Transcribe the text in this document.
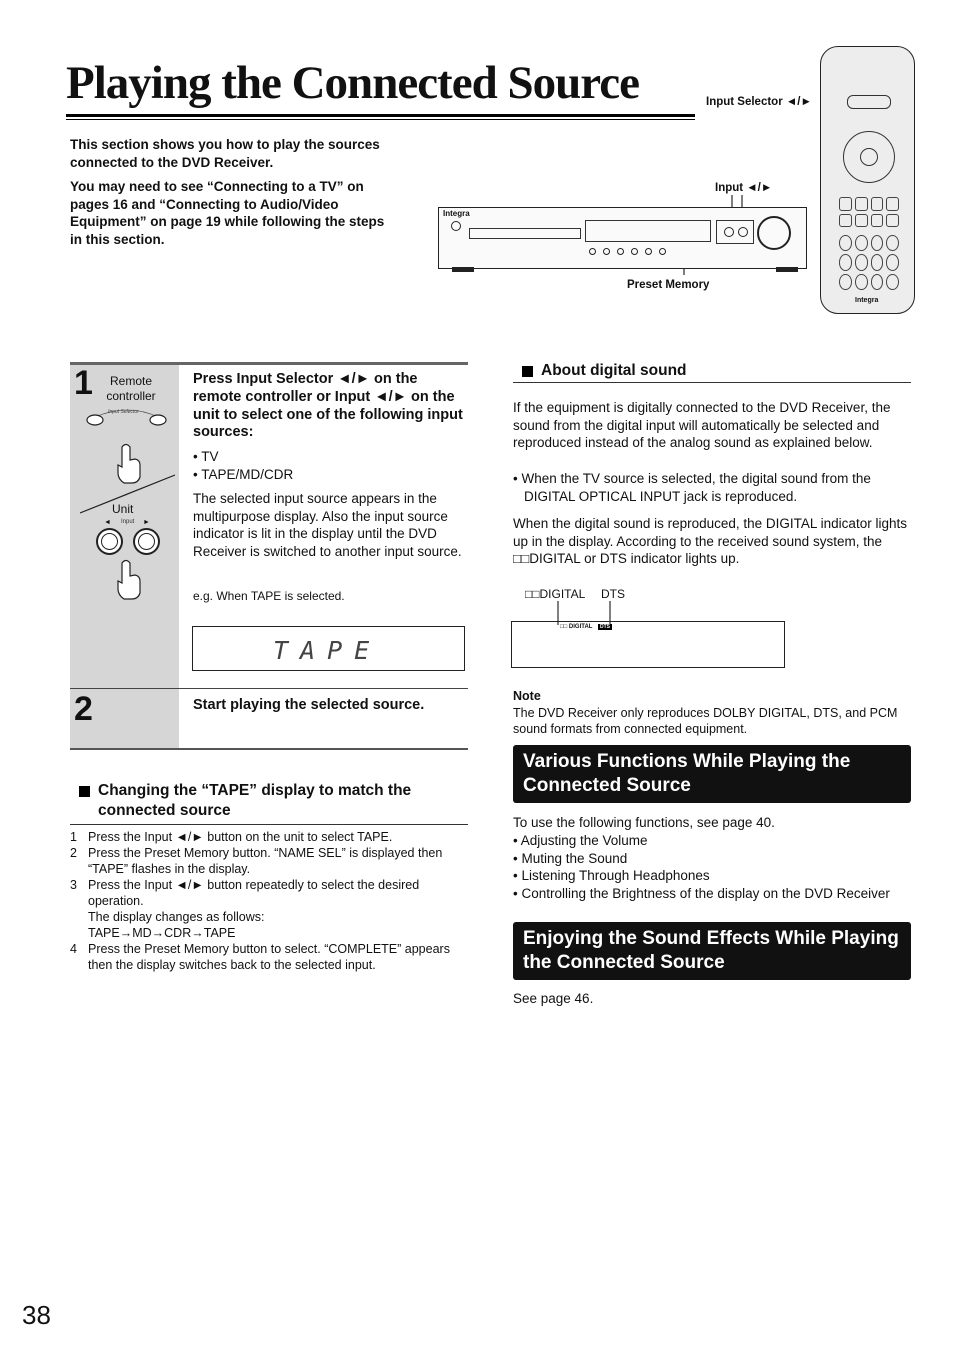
Playing the Connected Source
This section shows you how to play the sources connected to the DVD Receiver.
You may need to see “Connecting to a TV” on pages 16 and “Connecting to Audio/Video Equipment” on page 19 while following the steps in this section.
Input Selector ◄/►
Input ◄/►
Preset Memory
Integra
Integra
1	Remote controller
Input Selector
Unit
Input
◄	►
Press Input Selector ◄/► on the remote controller or Input ◄/► on the unit to select one of the following input sources:
• TV
• TAPE/MD/CDR
The selected input source appears in the multipurpose display. Also the input source indicator is lit in the display until the DVD Receiver is switched to another input source.
e.g. When TAPE is selected.
TAPE
2	Start playing the selected source.
Changing the “TAPE” display to match the connected source
1 Press the Input ◄/► button on the unit to select TAPE.
2 Press the Preset Memory button. “NAME SEL” is displayed then “TAPE” flashes in the display.
3 Press the Input ◄/► button repeatedly to select the desired operation.
The display changes as follows:
TAPE→MD→CDR→TAPE
4 Press the Preset Memory button to select. “COMPLETE” appears then the display switches back to the selected input.
About digital sound
If the equipment is digitally connected to the DVD Receiver, the sound from the digital input will automatically be selected and reproduced instead of the analog sound as explained below.
• When the TV source is selected, the digital sound from the DIGITAL OPTICAL INPUT jack is reproduced.
When the digital sound is reproduced, the DIGITAL indicator lights up in the display. According to the received sound system, the □□DIGITAL or DTS indicator lights up.
□□DIGITAL DTS
□□ DIGITAL	DTS
Note
The DVD Receiver only reproduces DOLBY DIGITAL, DTS, and PCM sound formats from connected equipment.
Various Functions While Playing the Connected Source
To use the following functions, see page 40.
• Adjusting the Volume
• Muting the Sound
• Listening Through Headphones
• Controlling the Brightness of the display on the DVD Receiver
Enjoying the Sound Effects While Playing the Connected Source
See page 46.
38
